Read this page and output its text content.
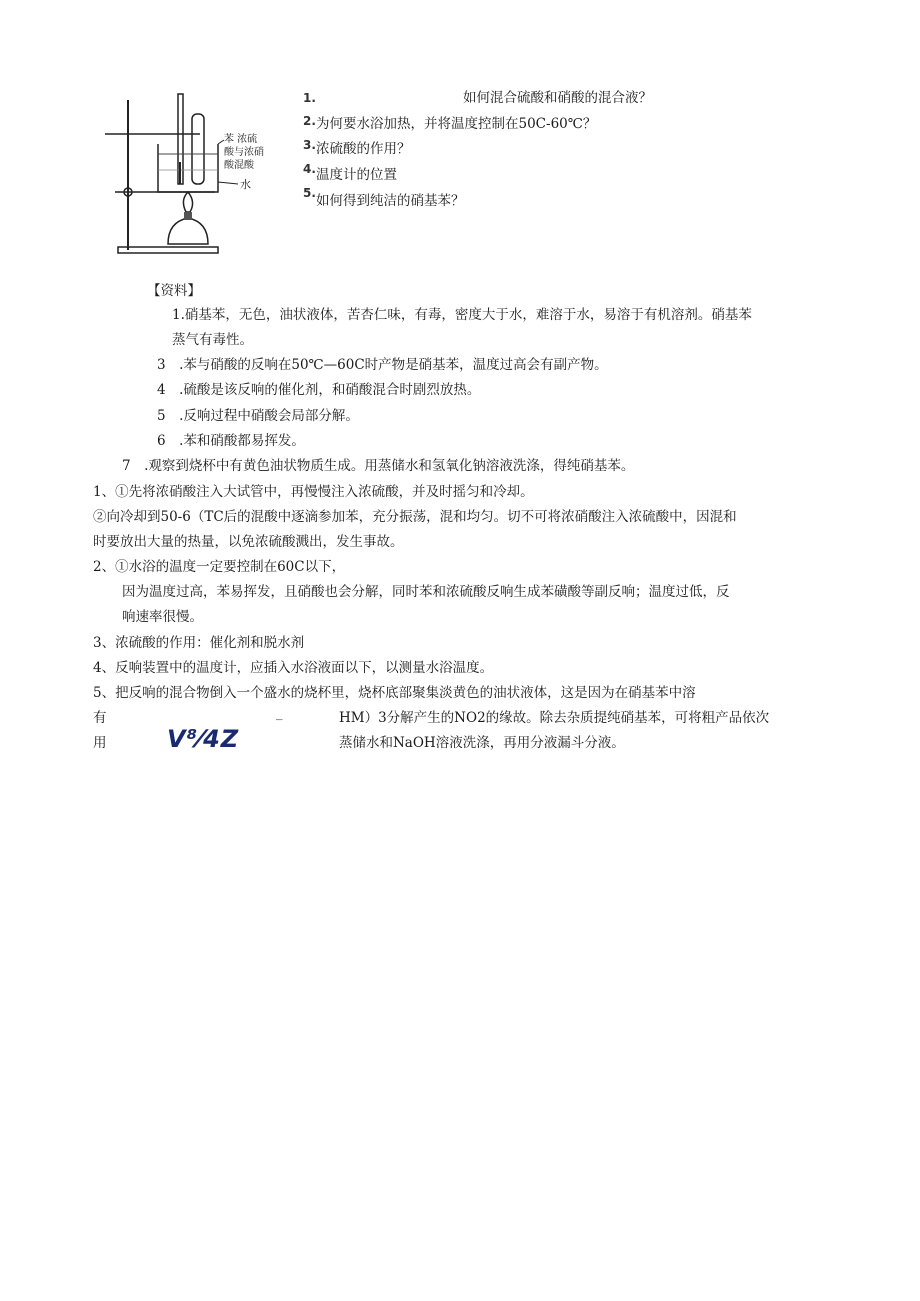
苯 浓硫
酸与浓硝
酸混酸
水
1.	如何混合硫酸和硝酸的混合液？
2. 为何要水浴加热，并将温度控制在50C-60℃？
3. 浓硫酸的作用？
4. 温度计的位置
5. 如何得到纯洁的硝基苯？
【资料】
1.硝基苯，无色，油状液体，苦杏仁味，有毒，密度大于水，难溶于水，易溶于有机溶剂。硝基苯
蒸气有毒性。
3　.苯与硝酸的反响在50℃—60C时产物是硝基苯，温度过高会有副产物。
4　.硫酸是该反响的催化剂，和硝酸混合时剧烈放热。
5　.反响过程中硝酸会局部分解。
6　.苯和硝酸都易挥发。
7　.观察到烧杯中有黄色油状物质生成。用蒸储水和氢氧化钠溶液洗涤，得纯硝基苯。
1、①先将浓硝酸注入大试管中，再慢慢注入浓硫酸，并及时摇匀和冷却。
②向冷却到50-6（TC后的混酸中逐滴参加苯，充分振荡，混和均匀。切不可将浓硝酸注入浓硫酸中，因混和
时要放出大量的热量，以免浓硫酸溅出，发生事故。
2、①水浴的温度一定要控制在60C以下，
因为温度过高，苯易挥发，且硝酸也会分解，同时苯和浓硫酸反响生成苯磺酸等副反响；温度过低，反
响速率很慢。
3、浓硫酸的作用：催化剂和脱水剂
4、反响装置中的温度计，应插入水浴液面以下，以测量水浴温度。
5、把反响的混合物倒入一个盛水的烧杯里，烧杯底部聚集淡黄色的油状液体，这是因为在硝基苯中溶
有	_	HM）3分解产生的NO2的缘故。除去杂质提纯硝基苯，可将粗产品依次
用	V⁸⁄4Z	蒸储水和NaOH溶液洗涤，再用分液漏斗分液。
